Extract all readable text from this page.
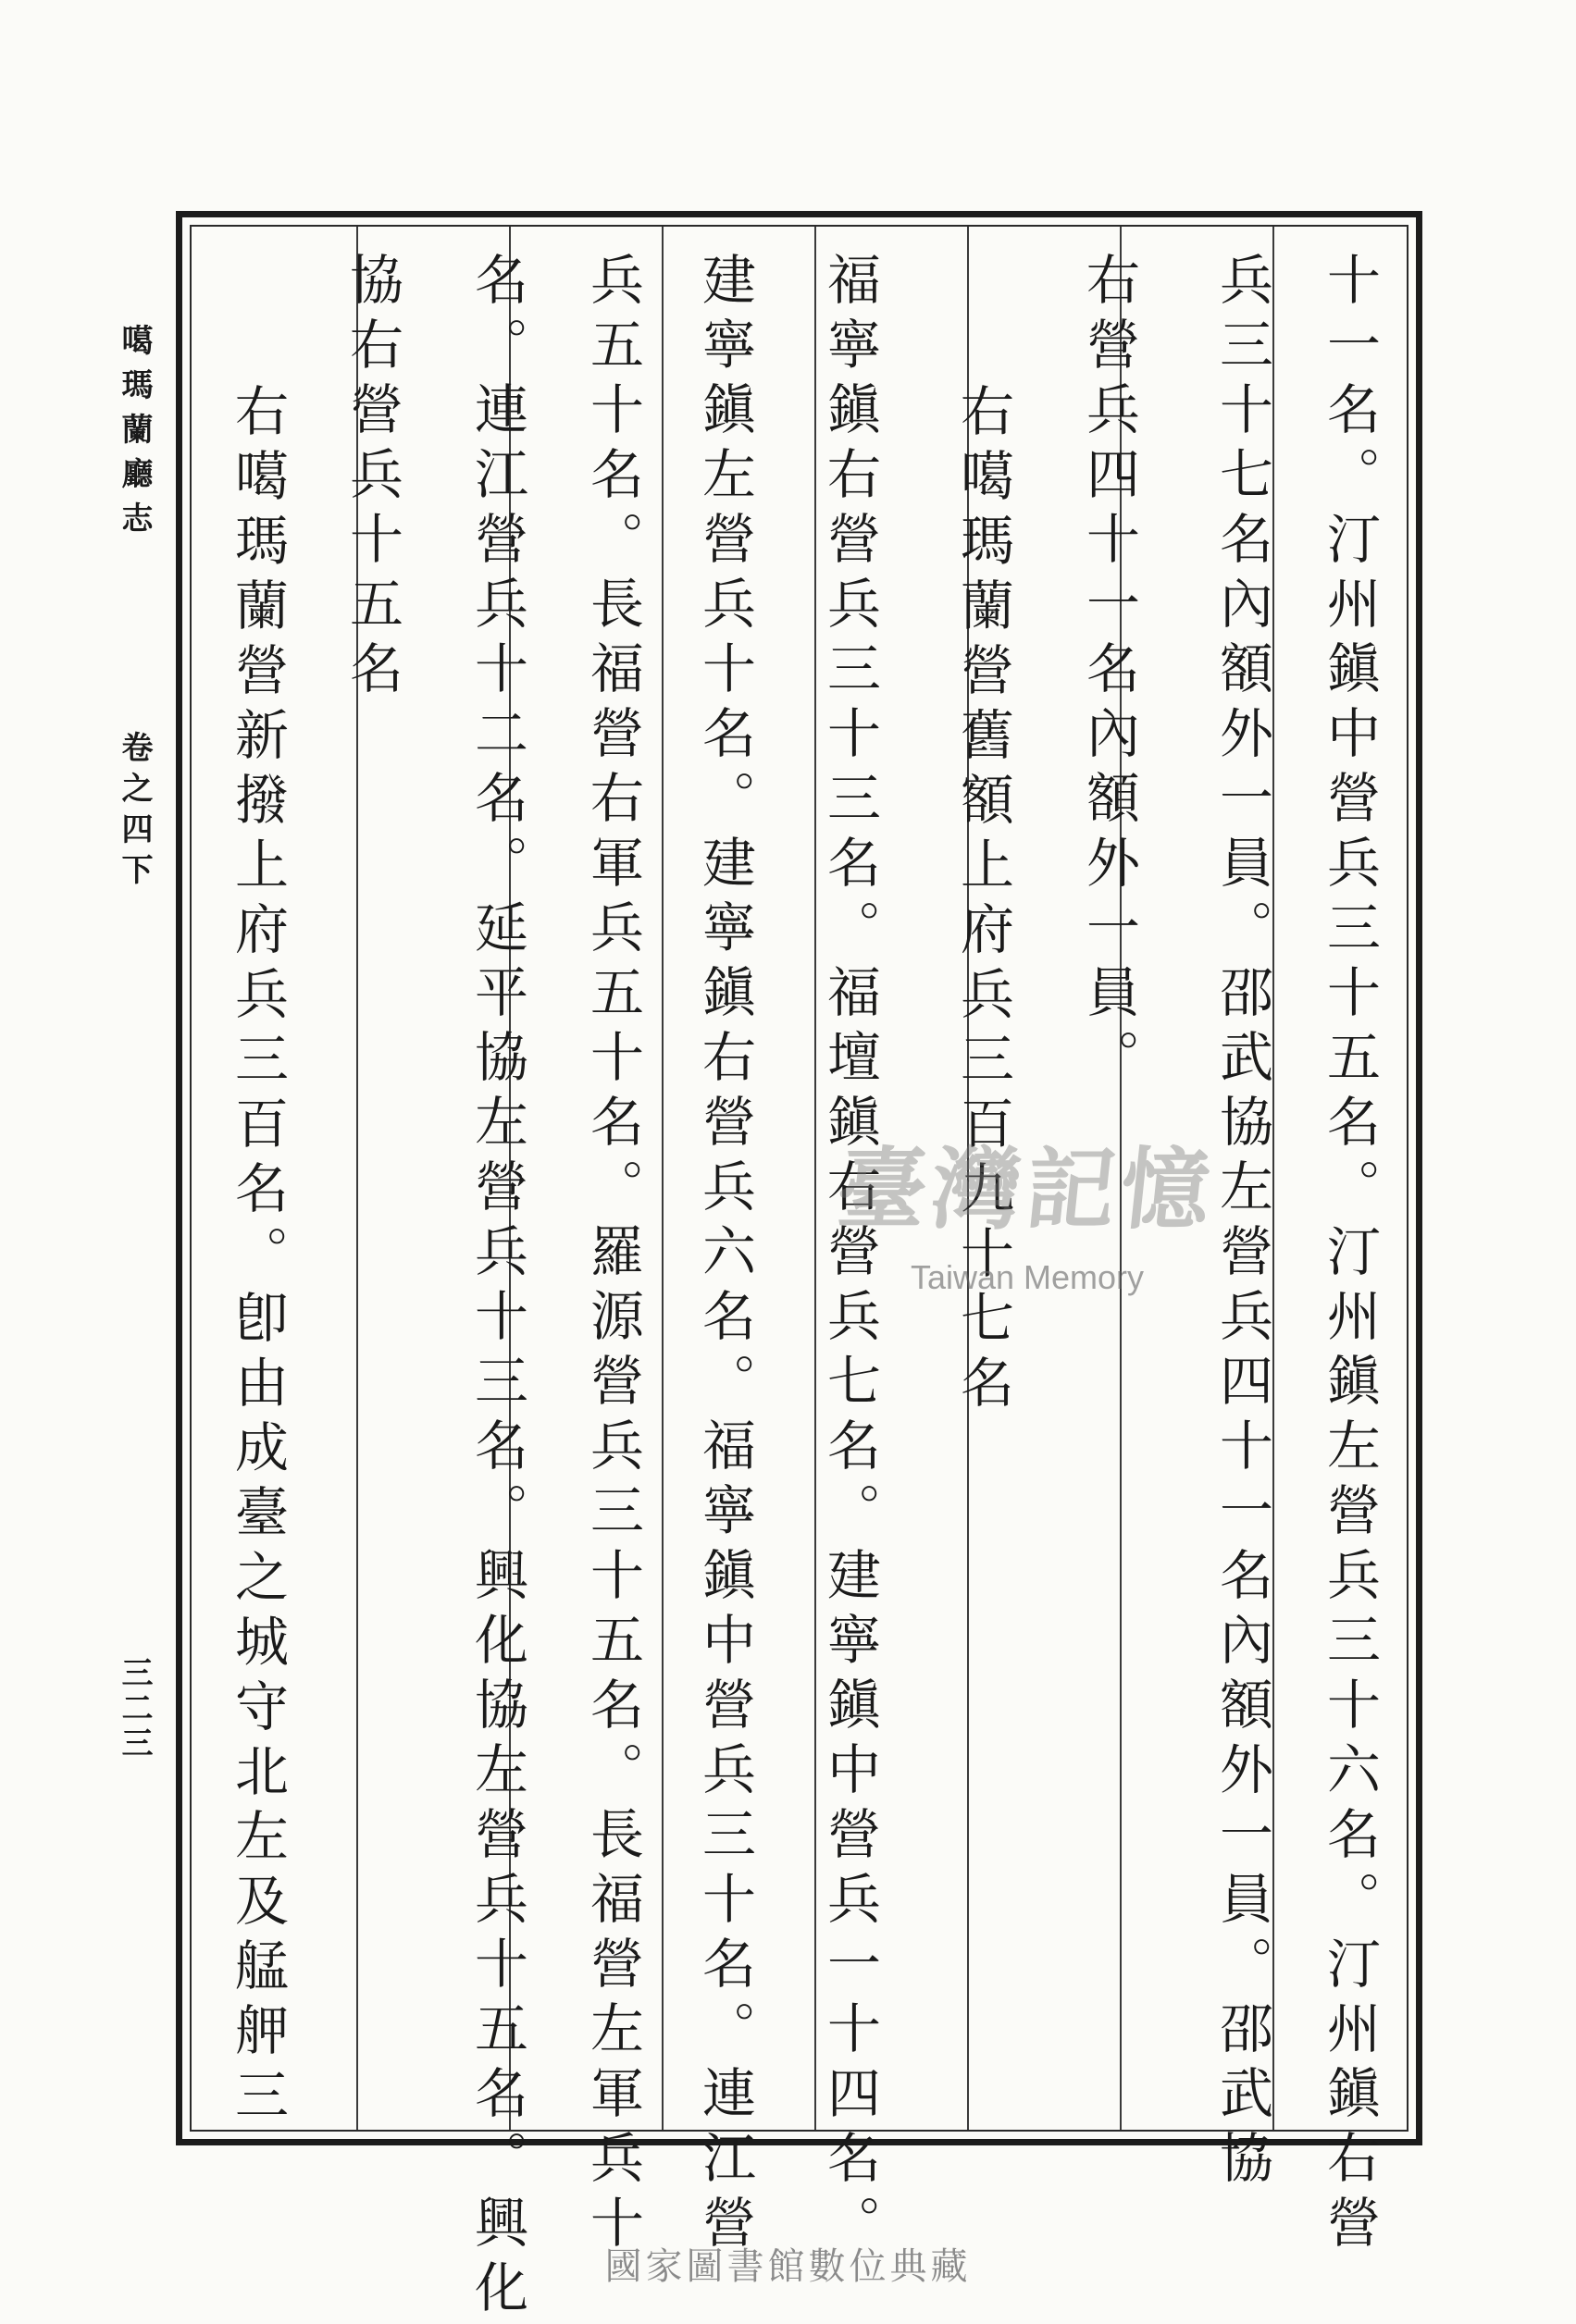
噶瑪蘭廳志
卷之四下
三二三	十一名。汀州鎭中營兵三十五名。汀州鎭左營兵三十六名。汀州鎭右營
兵三十七名內額外一員。邵武協左營兵四十一名內額外一員。邵武協
右營兵四十一名內額外一員。
右噶瑪蘭營舊額上府兵三百九十七名
福寧鎭右營兵三十三名。福壇鎭右營兵七名。建寧鎭中營兵一十四名。
建寧鎭左營兵十名。建寧鎭右營兵六名。福寧鎭中營兵三十名。連江營
兵五十名。長福營右軍兵五十名。羅源營兵三十五名。長福營左軍兵十
名。連江營兵十二名。延平協左營兵十三名。興化協左營兵十五名。興化
協右營兵十五名
右噶瑪蘭營新撥上府兵三百名。卽由成臺之城守北左及艋舺三	臺灣記憶
Taiwan Memory
國家圖書館數位典藏
